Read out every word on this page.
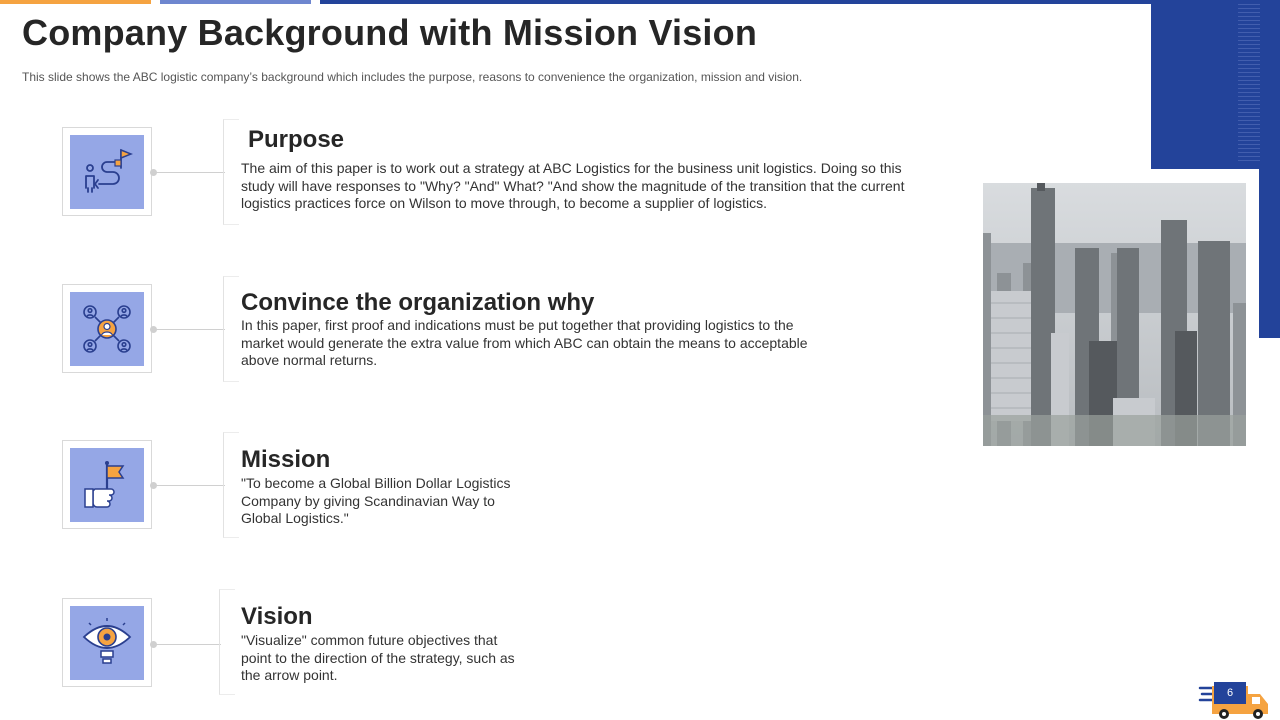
Company Background with Mission Vision

This slide shows the ABC logistic company’s background which includes the purpose, reasons to convenience the organization, mission and vision.

Purpose

The aim of this paper is to work out a strategy at ABC Logistics for the business unit logistics. Doing so this study will have responses to "Why? "And" What? "And show the magnitude of the transition that the current logistics practices force on Wilson to move through, to become a supplier of logistics.

Convince the organization why

In this paper, first proof and indications must be put together that providing logistics to the market would generate the extra value from which ABC can obtain the means to acceptable above normal returns.

Mission

"To become a Global Billion Dollar Logistics Company by giving Scandinavian Way to Global Logistics."

Vision

"Visualize" common future objectives that point to the direction of the strategy, such as the arrow point.

6
